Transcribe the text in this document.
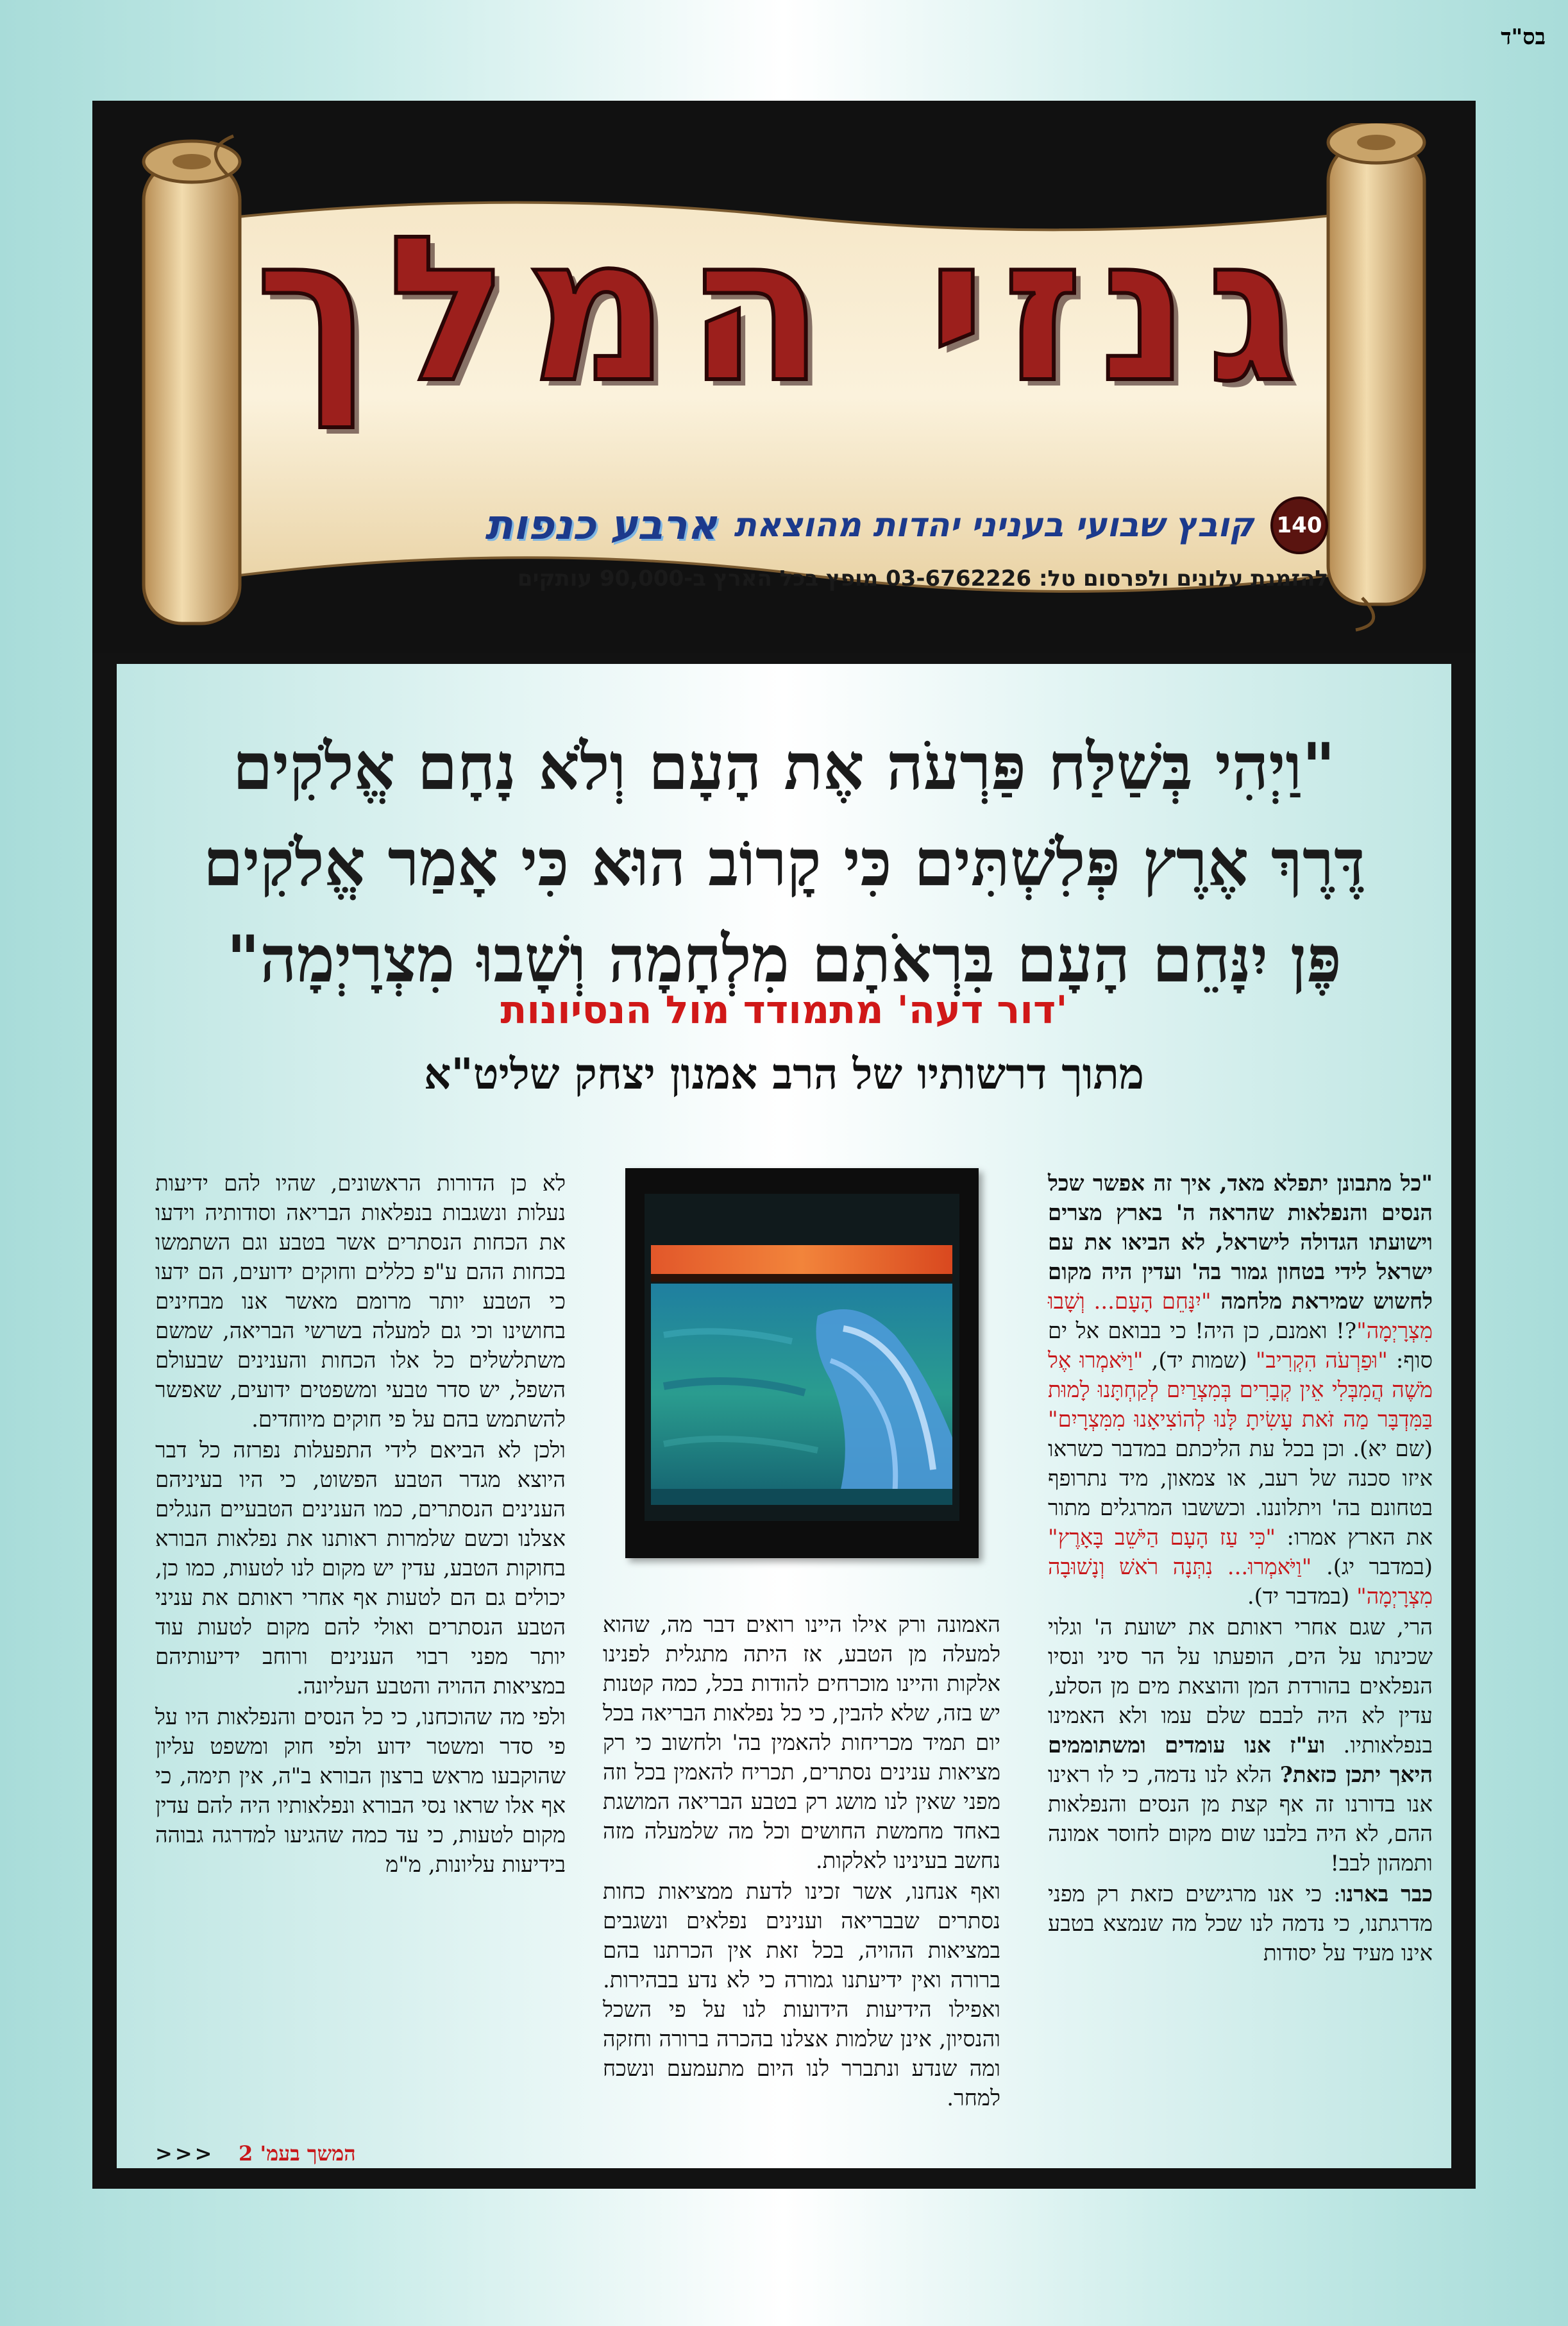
בס"ד
גנזי המלך
140
קובץ שבועי בעניני יהדות מהוצאת
ארבע כנפות
להזמנת עלונים ולפרסום טל: 03-6762226 מופץ בכל הארץ ב-90,000 עותקים
"וַיְהִי בְּשַׁלַּח פַּרְעֹה אֶת הָעָם וְלֹא נָחָם אֱלֹקִים
דֶּרֶךְ אֶרֶץ פְּלִשְׁתִּים כִּי קָרוֹב הוּא כִּי אָמַר אֱלֹקִים
פֶּן יִנָּחֵם הָעָם בִּרְאֹתָם מִלְחָמָה וְשָׁבוּ מִצְרָיְמָה"
'דור דעה' מתמודד מול הנסיונות
מתוך דרשותיו של הרב אמנון יצחק שליט"א

"כל מתבונן יתפלא מאד, איך זה אפשר שכל הנסים והנפלאות שהראה ה' בארץ מצרים וישועתו הגדולה לישראל, לא הביאו את עם ישראל לידי בטחון גמור בה' ועדין היה מקום לחשוש שמיראת מלחמה "יִנָּחֵם הָעָם... וְשָׁבוּ מִצְרָיְמָה"?! ואמנם, כן היה! כי בבואם אל ים סוף: "וּפַרְעֹה הִקְרִיב" (שמות יד), "וַיֹּאמְרוּ אֶל מֹשֶׁה הֲמִבְּלִי אֵין קְבָרִים בְּמִצְרַיִם לְקַחְתָּנוּ לָמוּת בַּמִּדְבָּר מַה זֹּאת עָשִׂיתָ לָּנוּ לְהוֹצִיאָנוּ מִמִּצְרָיִם" (שם יא). וכן בכל עת הליכתם במדבר כשראו איזו סכנה של רעב, או צמאון, מיד נתרופף בטחונם בה' ויתלוננו. וכששבו המרגלים מתור את הארץ אמרו: "כִּי עַז הָעָם הַיֹּשֵׁב בָּאָרֶץ" (במדבר יג). "וַיֹּאמְרוּ... נִתְּנָה רֹאשׁ וְנָשׁוּבָה מִצְרָיְמָה" (במדבר יד).

הרי, שגם אחרי ראותם את ישועת ה' וגלוי שכינתו על הים, הופעתו על הר סיני ונסיו הנפלאים בהורדת המן והוצאת מים מן הסלע, עדין לא היה לבבם שלם עמו ולא האמינו בנפלאותיו. וע"ז אנו עומדים ומשתוממים היאך יתכן כזאת? הלא לנו נדמה, כי לו ראינו אנו בדורנו זה אף קצת מן הנסים והנפלאות ההם, לא היה בלבנו שום מקום לחוסר אמונה ותמהון לבב!

כבר בארנו: כי אנו מרגישים כזאת רק מפני מדרגתנו, כי נדמה לנו שכל מה שנמצא בטבע אינו מעיד על יסודות

האמונה ורק אילו היינו רואים דבר מה, שהוא למעלה מן הטבע, אז היתה מתגלית לפנינו אלקות והיינו מוכרחים להודות בכל, כמה קטנות יש בזה, שלא להבין, כי כל נפלאות הבריאה בכל יום תמיד מכריחות להאמין בה' ולחשוב כי רק מציאות ענינים נסתרים, תכריח להאמין בכל וזה מפני שאין לנו מושג רק בטבע הבריאה המושגת באחד מחמשת החושים וכל מה שלמעלה מזה נחשב בעינינו לאלקות.

ואף אנחנו, אשר זכינו לדעת ממציאות כחות נסתרים שבבריאה וענינים נפלאים ונשגבים במציאות ההויה, בכל זאת אין הכרתנו בהם ברורה ואין ידיעתנו גמורה כי לא נדע בבהירות. ואפילו הידיעות הידועות לנו על פי השכל והנסיון, אינן שלמות אצלנו בהכרה ברורה וחזקה ומה שנדע ונתברר לנו היום מתעמעם ונשכח למחר.

לא כן הדורות הראשונים, שהיו להם ידיעות נעלות ונשגבות בנפלאות הבריאה וסודותיה וידעו את הכחות הנסתרים אשר בטבע וגם השתמשו בכחות ההם ע"פ כללים וחוקים ידועים, הם ידעו כי הטבע יותר מרומם מאשר אנו מבחינים בחושינו וכי גם למעלה בשרשי הבריאה, שמשם משתלשלים כל אלו הכחות והענינים שבעולם השפל, יש סדר טבעי ומשפטים ידועים, שאפשר להשתמש בהם על פי חוקים מיוחדים.

ולכן לא הביאם לידי התפעלות נפרזה כל דבר היוצא מגדר הטבע הפשוט, כי היו בעיניהם הענינים הנסתרים, כמו הענינים הטבעיים הנגלים אצלנו וכשם שלמרות ראותנו את נפלאות הבורא בחוקות הטבע, עדין יש מקום לנו לטעות, כמו כן, יכולים גם הם לטעות אף אחרי ראותם את עניני הטבע הנסתרים ואולי להם מקום לטעות עוד יותר מפני רבוי הענינים ורוחב ידיעותיהם במציאות ההויה והטבע העליונה.

ולפי מה שהוכחנו, כי כל הנסים והנפלאות היו על פי סדר ומשטר ידוע ולפי חוק ומשפט עליון שהוקבעו מראש ברצון הבורא ב"ה, אין תימה, כי אף אלו שראו נסי הבורא ונפלאותיו היה להם עדין מקום לטעות, כי עד כמה שהגיעו למדרגה גבוהה בידיעות עליונות, מ"מ

<<< המשך בעמ' 2
